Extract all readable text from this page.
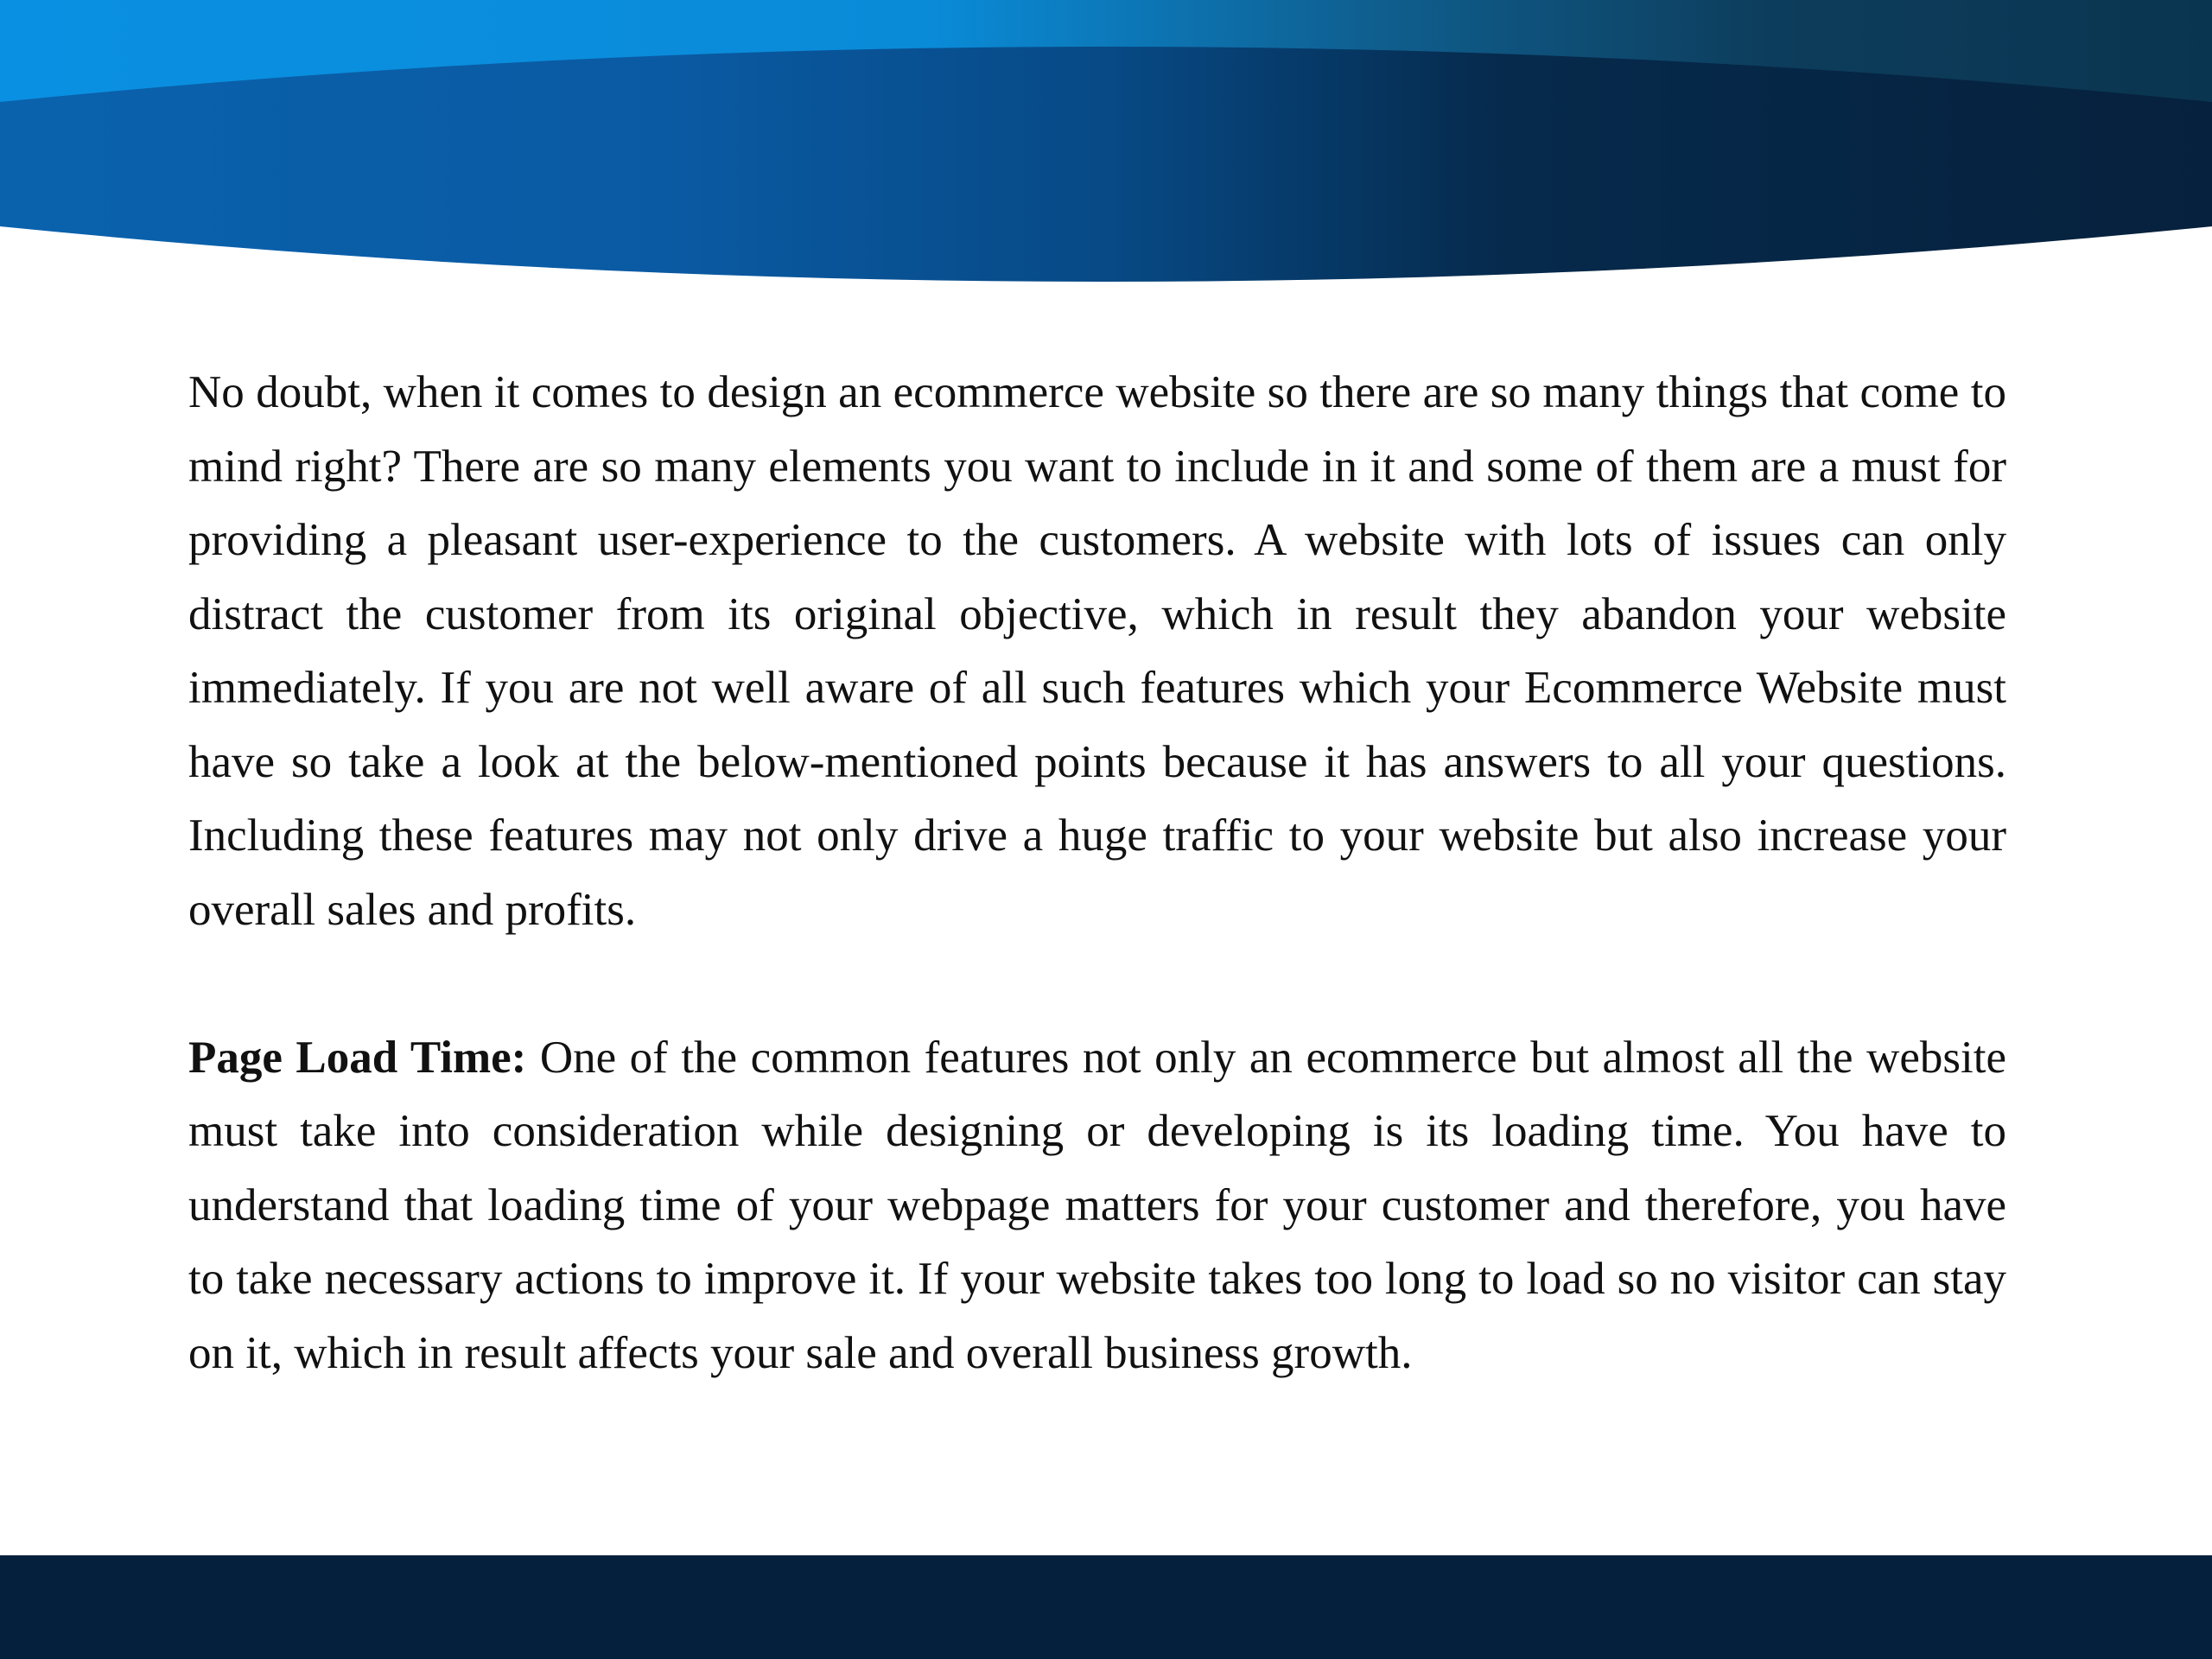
No doubt, when it comes to design an ecommerce website so there are so many things that come to mind right? There are so many elements you want to include in it and some of them are a must for providing a pleasant user-experience to the customers. A website with lots of issues can only distract the customer from its original objective, which in result they abandon your website immediately. If you are not well aware of all such features which your Ecommerce Website must have so take a look at the below-mentioned points because it has answers to all your questions. Including these features may not only drive a huge traffic to your website but also increase your overall sales and profits.

Page Load Time: One of the common features not only an ecommerce but almost all the website must take into consideration while designing or developing is its loading time. You have to understand that loading time of your webpage matters for your customer and therefore, you have to take necessary actions to improve it. If your website takes too long to load so no visitor can stay on it, which in result affects your sale and overall business growth.
